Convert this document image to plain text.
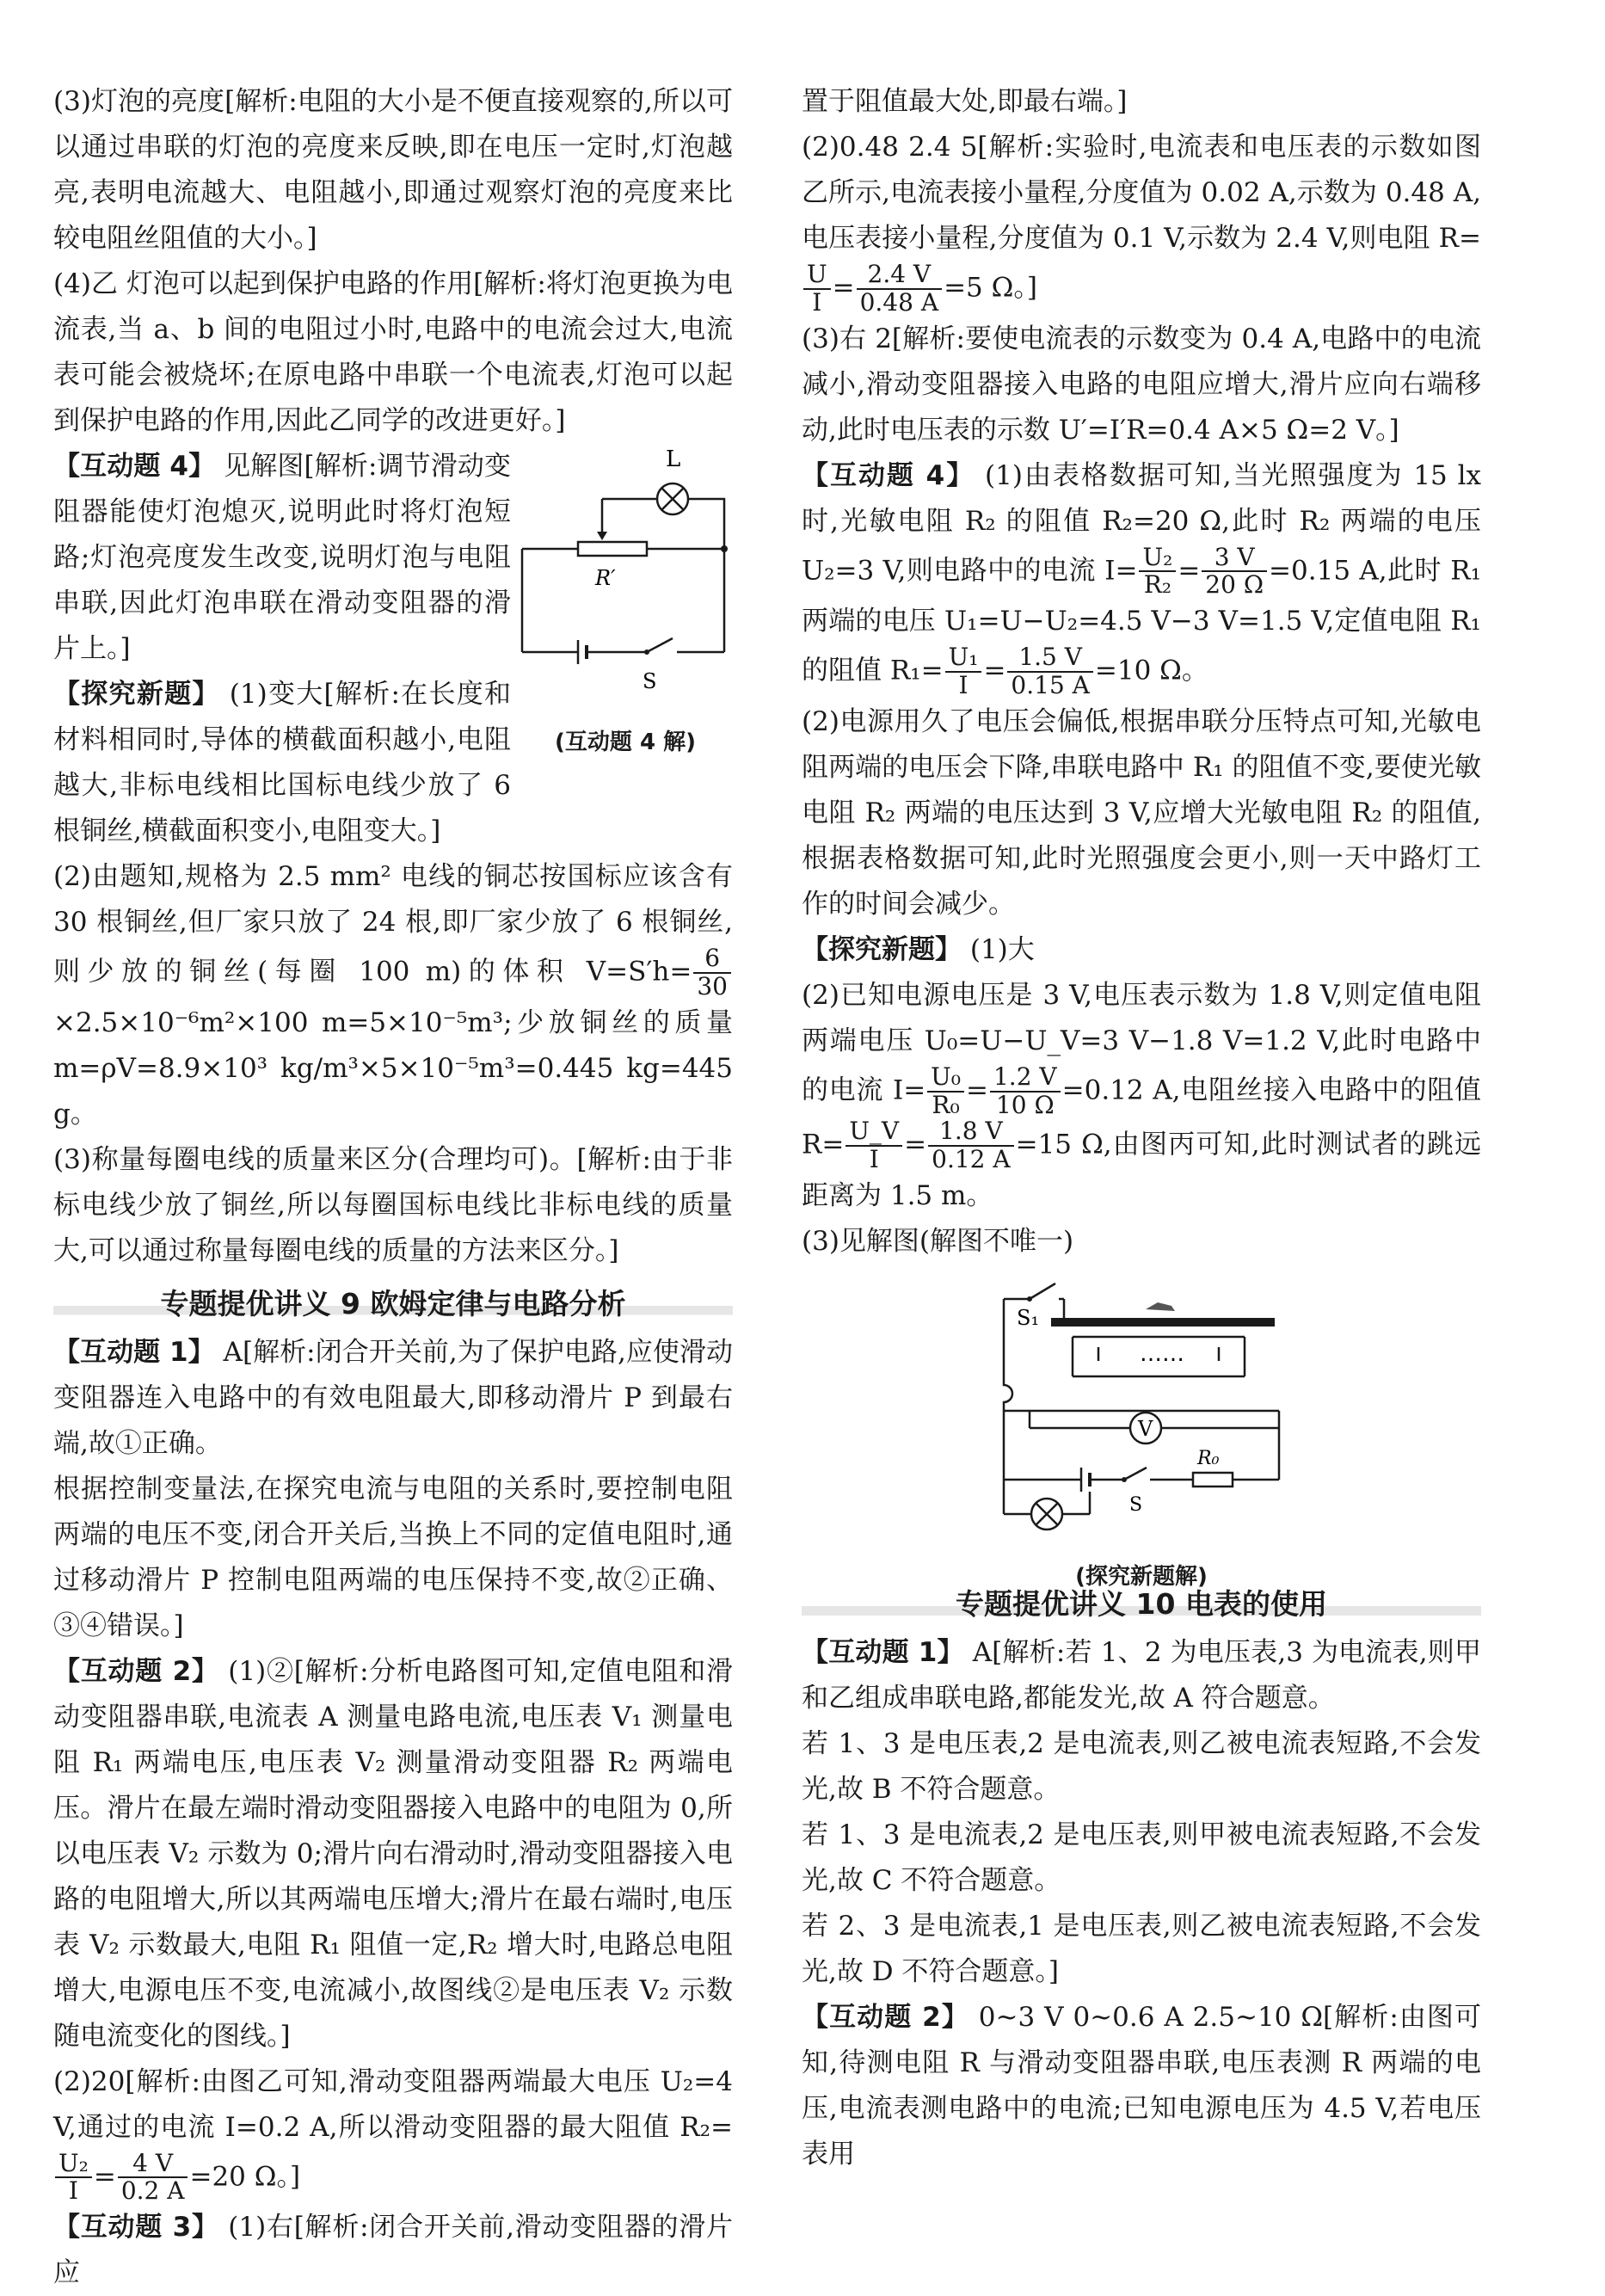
(3)灯泡的亮度[解析:电阻的大小是不便直接观察的,所以可以通过串联的灯泡的亮度来反映,即在电压一定时,灯泡越亮,表明电流越大、电阻越小,即通过观察灯泡的亮度来比较电阻丝阻值的大小。]

(4)乙 灯泡可以起到保护电路的作用[解析:将灯泡更换为电流表,当 a、b 间的电阻过小时,电路中的电流会过大,电流表可能会被烧坏;在原电路中串联一个电流表,灯泡可以起到保护电路的作用,因此乙同学的改进更好。]

L
R′
S
(互动题 4 解)

【互动题 4】 见解图[解析:调节滑动变阻器能使灯泡熄灭,说明此时将灯泡短路;灯泡亮度发生改变,说明灯泡与电阻串联,因此灯泡串联在滑动变阻器的滑片上。]

【探究新题】 (1)变大[解析:在长度和材料相同时,导体的横截面积越小,电阻越大,非标电线相比国标电线少放了 6 根铜丝,横截面积变小,电阻变大。]

(2)由题知,规格为 2.5 mm² 电线的铜芯按国标应该含有 30 根铜丝,但厂家只放了 24 根,即厂家少放了 6 根铜丝,则少放的铜丝(每圈 100 m)的体积 $V=S'h= \frac{6}{30}$
×2.5×10⁻⁶m²×100 m=5×10⁻⁵m³;少放铜丝的质量 m=ρV=8.9×10³ kg/m³×5×10⁻⁵m³=0.445 kg=445 g。

(3)称量每圈电线的质量来区分(合理均可)。[解析:由于非标电线少放了铜丝,所以每圈国标电线比非标电线的质量大,可以通过称量每圈电线的质量的方法来区分。]

专题提优讲义 9 欧姆定律与电路分析

【互动题 1】 A[解析:闭合开关前,为了保护电路,应使滑动变阻器连入电路中的有效电阻最大,即移动滑片 P 到最右端,故①正确。

根据控制变量法,在探究电流与电阻的关系时,要控制电阻两端的电压不变,闭合开关后,当换上不同的定值电阻时,通过移动滑片 P 控制电阻两端的电压保持不变,故②正确、③④错误。]

【互动题 2】 (1)②[解析:分析电路图可知,定值电阻和滑动变阻器串联,电流表 A 测量电路电流,电压表 V₁ 测量电阻 R₁ 两端电压,电压表 V₂ 测量滑动变阻器 R₂ 两端电压。滑片在最左端时滑动变阻器接入电路中的电阻为 0,所以电压表 V₂ 示数为 0;滑片向右滑动时,滑动变阻器接入电路的电阻增大,所以其两端电压增大;滑片在最右端时,电压表 V₂ 示数最大,电阻 R₁ 阻值一定,R₂ 增大时,电路总电阻增大,电源电压不变,电流减小,故图线②是电压表 V₂ 示数随电流变化的图线。]

(2)20[解析:由图乙可知,滑动变阻器两端最大电压 U₂=4 V,通过的电流 I=0.2 A,所以滑动变阻器的最大阻值 R₂=
$\frac{\text{U₂}}{I} = \frac{4 V}{0.2 A} =20$ Ω。]

【互动题 3】 (1)右[解析:闭合开关前,滑动变阻器的滑片应

置于阻值最大处,即最右端。]

(2)0.48 2.4 5[解析:实验时,电流表和电压表的示数如图乙所示,电流表接小量程,分度值为 0.02 A,示数为 0.48 A,电压表接小量程,分度值为 0.1 V,示数为 2.4 V,则电阻 R=
$\frac{U}{I} = \frac{2.4 V}{0.48 A} =5$ Ω。]

(3)右 2[解析:要使电流表的示数变为 0.4 A,电路中的电流减小,滑动变阻器接入电路的电阻应增大,滑片应向右端移动,此时电压表的示数 U′=I′R=0.4 A×5 Ω=2 V。]

【互动题 4】 (1)由表格数据可知,当光照强度为 15 lx 时,光敏电阻 R₂ 的阻值 R₂=20 Ω,此时 R₂ 两端的电压 U₂=3 V,则电路中的电流 $I= \frac{\text{U₂}}{\text{R₂}} = \frac{3 V}{20 \Omega} =0.15$ A,此时 R₁ 两端的电压 U₁=U−U₂=4.5 V−3 V=1.5 V,定值电阻 R₁ 的阻值 $R_1= \frac{\text{U₁}}{I} = \frac{1.5 V}{0.15 A} =10$ Ω。

(2)电源用久了电压会偏低,根据串联分压特点可知,光敏电阻两端的电压会下降,串联电路中 R₁ 的阻值不变,要使光敏电阻 R₂ 两端的电压达到 3 V,应增大光敏电阻 R₂ 的阻值,根据表格数据可知,此时光照强度会更小,则一天中路灯工作的时间会减少。

【探究新题】 (1)大

(2)已知电源电压是 3 V,电压表示数为 1.8 V,则定值电阻两端电压 U₀=U−U_V=3 V−1.8 V=1.2 V,此时电路中的电流 $I= \frac{\text{U₀}}{\text{R₀}} = \frac{1.2 V}{10 \Omega} =0.12$ A,电阻丝接入电路中的阻值 $R= \frac{U\_V}{I} = \frac{1.8 V}{0.12 A} =15$ Ω,由图丙可知,此时测试者的跳远距离为 1.5 m。

(3)见解图(解图不唯一)

S₁
……
V
S
R₀
(探究新题解)
专题提优讲义 10 电表的使用

【互动题 1】 A[解析:若 1、2 为电压表,3 为电流表,则甲和乙组成串联电路,都能发光,故 A 符合题意。

若 1、3 是电压表,2 是电流表,则乙被电流表短路,不会发光,故 B 不符合题意。

若 1、3 是电流表,2 是电压表,则甲被电流表短路,不会发光,故 C 不符合题意。

若 2、3 是电流表,1 是电压表,则乙被电流表短路,不会发光,故 D 不符合题意。]

【互动题 2】 0~3 V 0~0.6 A 2.5~10 Ω[解析:由图可知,待测电阻 R 与滑动变阻器串联,电压表测 R 两端的电压,电流表测电路中的电流;已知电源电压为 4.5 V,若电压表用
